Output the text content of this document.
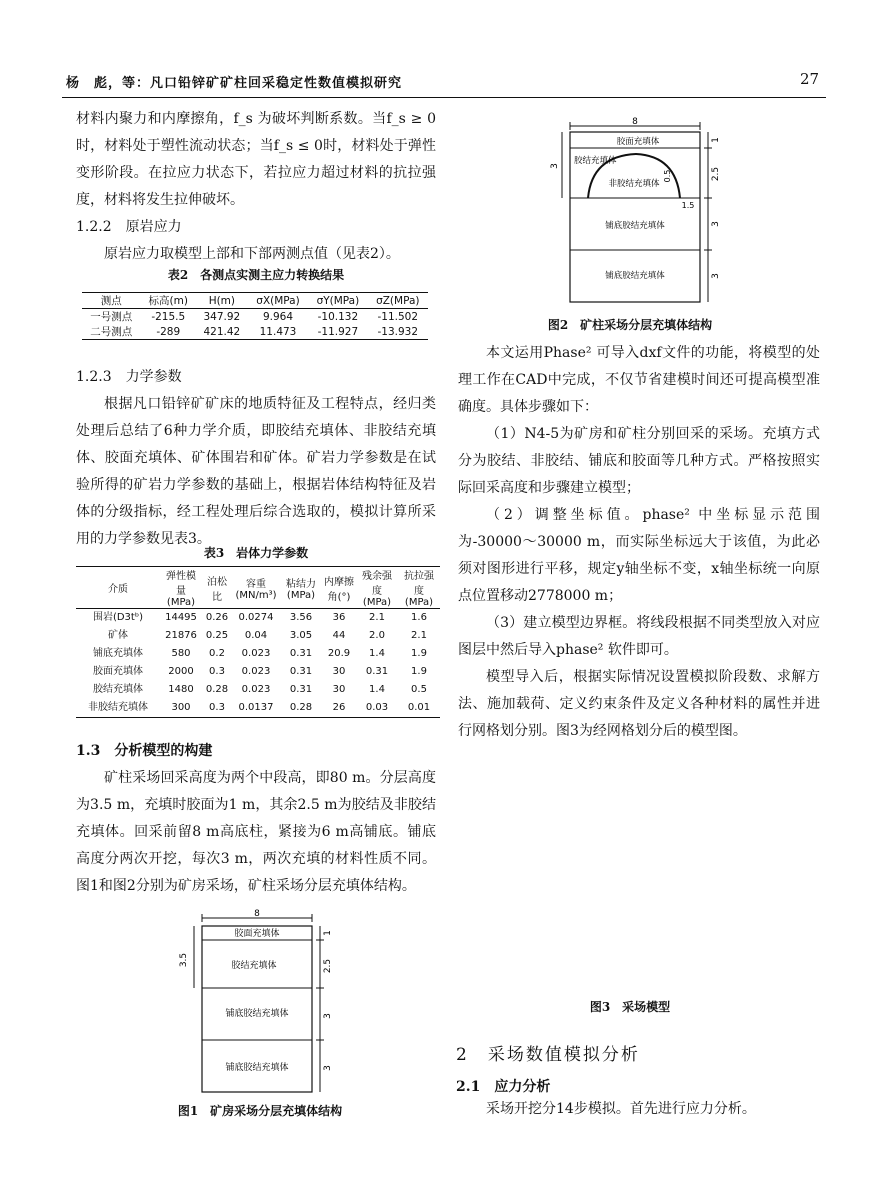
杨　彪，等：凡口铅锌矿矿柱回采稳定性数值模拟研究	27

材料内聚力和内摩擦角，f_s 为破坏判断系数。当f_s ≥ 0时，材料处于塑性流动状态；当f_s ≤ 0时，材料处于弹性变形阶段。在拉应力状态下，若拉应力超过材料的抗拉强度，材料将发生拉伸破坏。

1.2.2　原岩应力

原岩应力取模型上部和下部两测点值（见表2）。

表2　各测点实测主应力转换结果
测点	标高(m)	H(m)	σX(MPa)	σY(MPa)	σZ(MPa)
一号测点	-215.5	347.92	9.964	-10.132	-11.502
二号测点	-289	421.42	11.473	-11.927	-13.932
1.2.3　力学参数

根据凡口铅锌矿矿床的地质特征及工程特点，经归类处理后总结了6种力学介质，即胶结充填体、非胶结充填体、胶面充填体、矿体围岩和矿体。矿岩力学参数是在试验所得的矿岩力学参数的基础上，根据岩体结构特征及岩体的分级指标，经工程处理后综合选取的，模拟计算所采用的力学参数见表3。

表3　岩体力学参数
介质	弹性模量(MPa)	泊松比	容重(MN/m³)	粘结力(MPa)	内摩擦角(°)	残余强度(MPa)	抗拉强度(MPa)
围岩(D3tᵇ)	14495	0.26	0.0274	3.56	36	2.1	1.6
矿体	21876	0.25	0.04	3.05	44	2.0	2.1
铺底充填体	580	0.2	0.023	0.31	20.9	1.4	1.9
胶面充填体	2000	0.3	0.023	0.31	30	0.31	1.9
胶结充填体	1480	0.28	0.023	0.31	30	1.4	0.5
非胶结充填体	300	0.3	0.0137	0.28	26	0.03	0.01
1.3　分析模型的构建

矿柱采场回采高度为两个中段高，即80 m。分层高度为3.5 m，充填时胶面为1 m，其余2.5 m为胶结及非胶结充填体。回采前留8 m高底柱，紧接为6 m高铺底。铺底高度分两次开挖，每次3 m，两次充填的材料性质不同。图1和图2分别为矿房采场，矿柱采场分层充填体结构。

8
胶面充填体
胶结充填体
铺底胶结充填体
铺底胶结充填体
3.5
1
2.5
3
3
图1　矿房采场分层充填体结构
8
胶面充填体
胶结充填体
非胶结充填体
铺底胶结充填体
铺底胶结充填体
3
0.5
1.5
1
2.5
3
3
图2　矿柱采场分层充填体结构

本文运用Phase² 可导入dxf文件的功能，将模型的处理工作在CAD中完成，不仅节省建模时间还可提高模型准确度。具体步骤如下：

（1）N4-5为矿房和矿柱分别回采的采场。充填方式分为胶结、非胶结、铺底和胶面等几种方式。严格按照实际回采高度和步骤建立模型；

（2）调整坐标值。phase² 中坐标显示范围为-30000～30000 m，而实际坐标远大于该值，为此必须对图形进行平移，规定y轴坐标不变，x轴坐标统一向原点位置移动2778000 m；

（3）建立模型边界框。将线段根据不同类型放入对应图层中然后导入phase² 软件即可。

模型导入后，根据实际情况设置模拟阶段数、求解方法、施加载荷、定义约束条件及定义各种材料的属性并进行网格划分别。图3为经网格划分后的模型图。

图3　采场模型
2　采场数值模拟分析
2.1　应力分析

采场开挖分14步模拟。首先进行应力分析。
